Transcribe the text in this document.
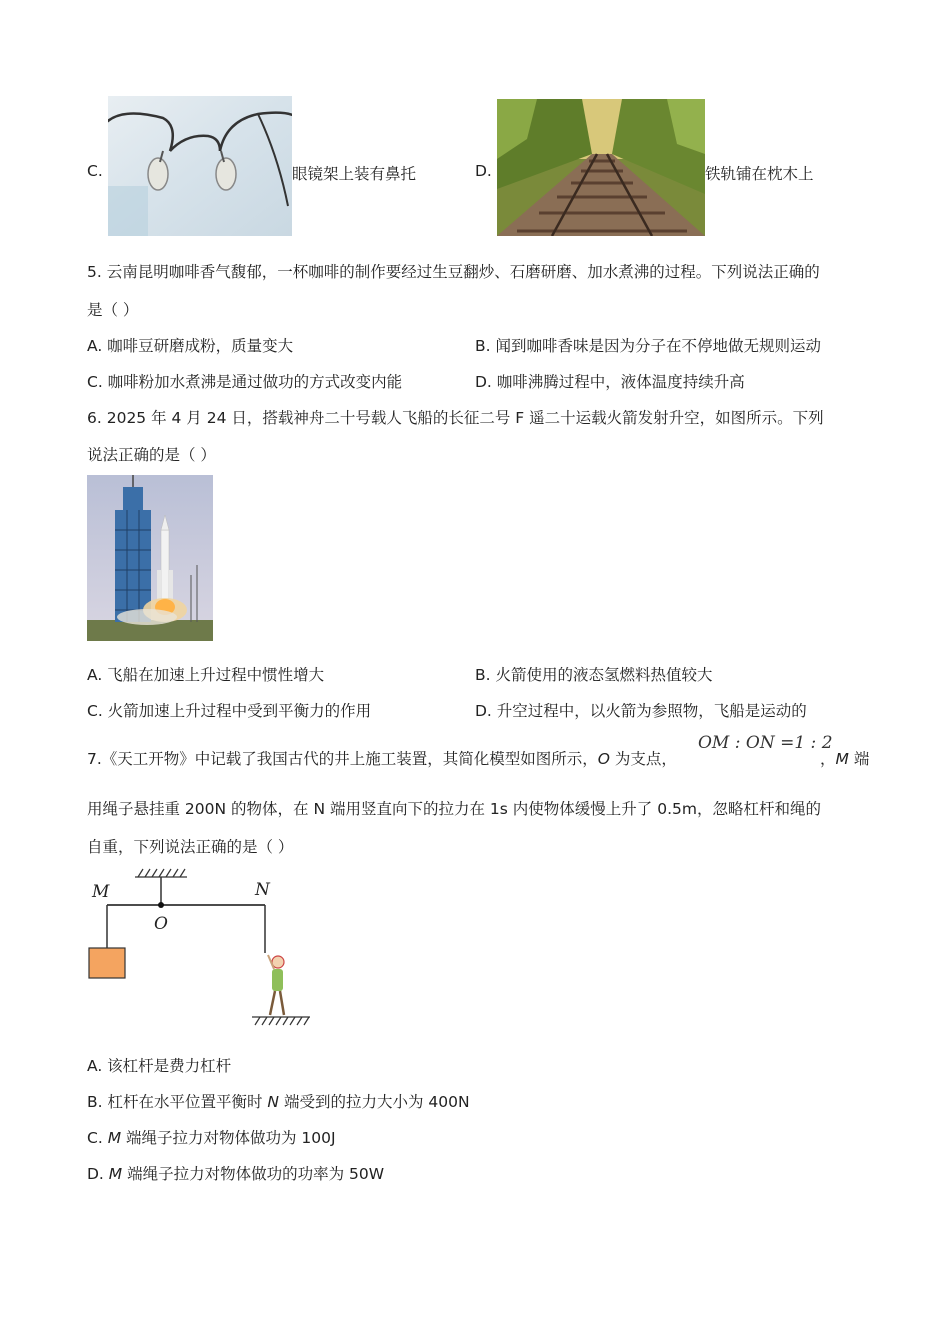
C.	眼镜架上装有鼻托	D.	铁轨铺在枕木上
5. 云南昆明咖啡香气馥郁，一杯咖啡的制作要经过生豆翻炒、石磨研磨、加水煮沸的过程。下列说法正确的
是（ ）
A. 咖啡豆研磨成粉，质量变大	B. 闻到咖啡香味是因为分子在不停地做无规则运动
C. 咖啡粉加水煮沸是通过做功的方式改变内能	D. 咖啡沸腾过程中，液体温度持续升高
6. 2025 年 4 月 24 日，搭载神舟二十号载人飞船的长征二号 F 遥二十运载火箭发射升空，如图所示。下列
说法正确的是（ ）
A. 飞船在加速上升过程中惯性增大	B. 火箭使用的液态氢燃料热值较大
C. 火箭加速上升过程中受到平衡力的作用	D. 升空过程中，以火箭为参照物，飞船是运动的
7.《天工开物》中记载了我国古代的井上施工装置，其简化模型如图所示，O 为支点，
OM : ON =1 : 2
，M 端
用绳子悬挂重 200N 的物体，在 N 端用竖直向下的拉力在 1s 内使物体缓慢上升了 0.5m，忽略杠杆和绳的
自重，下列说法正确的是（ ）
M
O
N
A. 该杠杆是费力杠杆
B. 杠杆在水平位置平衡时 N 端受到的拉力大小为 400N
C. M 端绳子拉力对物体做功为 100J
D. M 端绳子拉力对物体做功的功率为 50W
